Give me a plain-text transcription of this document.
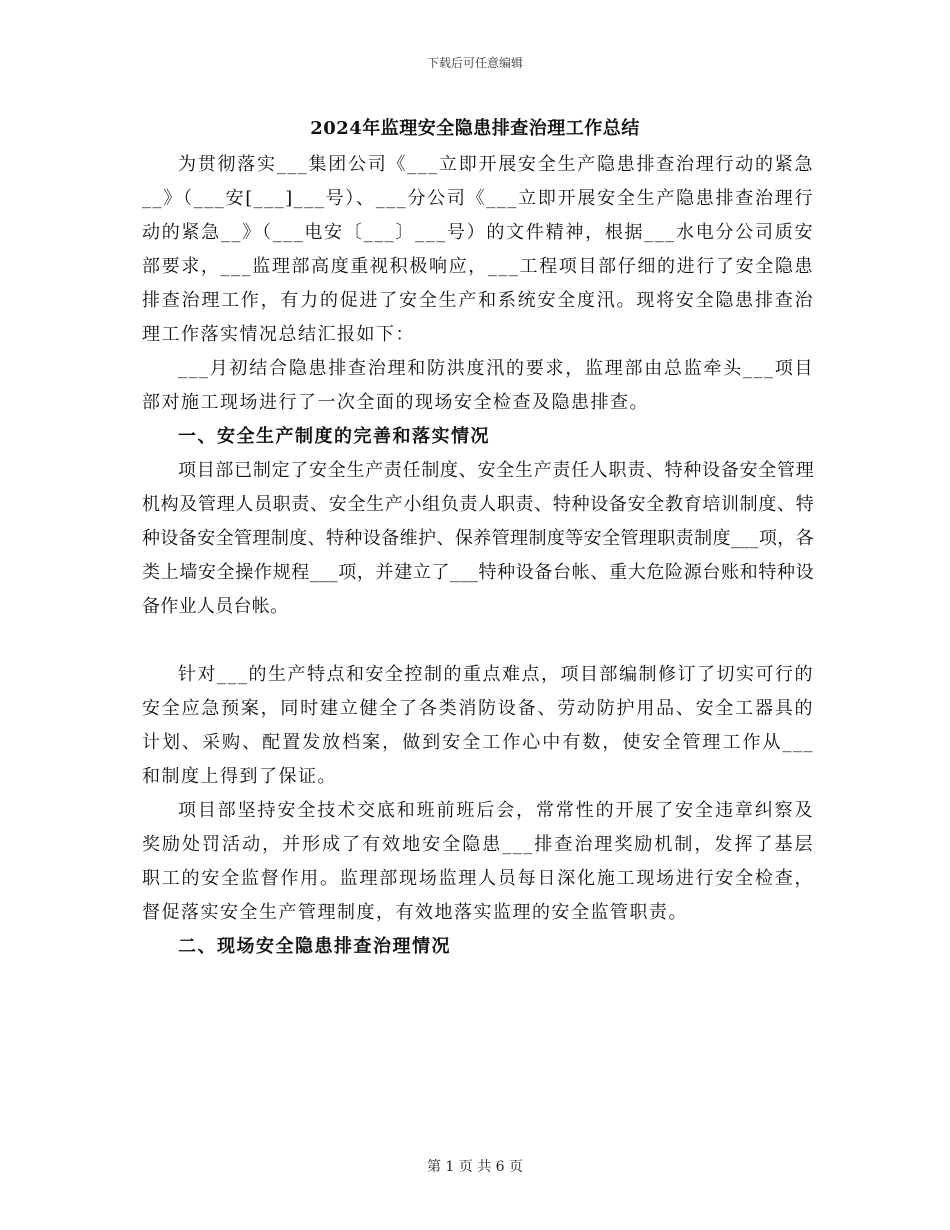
下载后可任意编辑
2024年监理安全隐患排查治理工作总结

为贯彻落实___集团公司《___立即开展安全生产隐患排查治理行动的紧急__》（___安[___]___号）、___分公司《___立即开展安全生产隐患排查治理行动的紧急__》（___电安〔___〕___号）的文件精神，根据___水电分公司质安部要求，___监理部高度重视积极响应，___工程项目部仔细的进行了安全隐患排查治理工作，有力的促进了安全生产和系统安全度汛。现将安全隐患排查治理工作落实情况总结汇报如下：

___月初结合隐患排查治理和防洪度汛的要求，监理部由总监牵头___项目部对施工现场进行了一次全面的现场安全检查及隐患排查。

一、安全生产制度的完善和落实情况

项目部已制定了安全生产责任制度、安全生产责任人职责、特种设备安全管理机构及管理人员职责、安全生产小组负责人职责、特种设备安全教育培训制度、特种设备安全管理制度、特种设备维护、保养管理制度等安全管理职责制度___项，各类上墙安全操作规程___项，并建立了___特种设备台帐、重大危险源台账和特种设备作业人员台帐。

针对___的生产特点和安全控制的重点难点，项目部编制修订了切实可行的安全应急预案，同时建立健全了各类消防设备、劳动防护用品、安全工器具的计划、采购、配置发放档案，做到安全工作心中有数，使安全管理工作从___和制度上得到了保证。

项目部坚持安全技术交底和班前班后会，常常性的开展了安全违章纠察及奖励处罚活动，并形成了有效地安全隐患___排查治理奖励机制，发挥了基层职工的安全监督作用。监理部现场监理人员每日深化施工现场进行安全检查，督促落实安全生产管理制度，有效地落实监理的安全监管职责。

二、现场安全隐患排查治理情况

第 1 页 共 6 页
